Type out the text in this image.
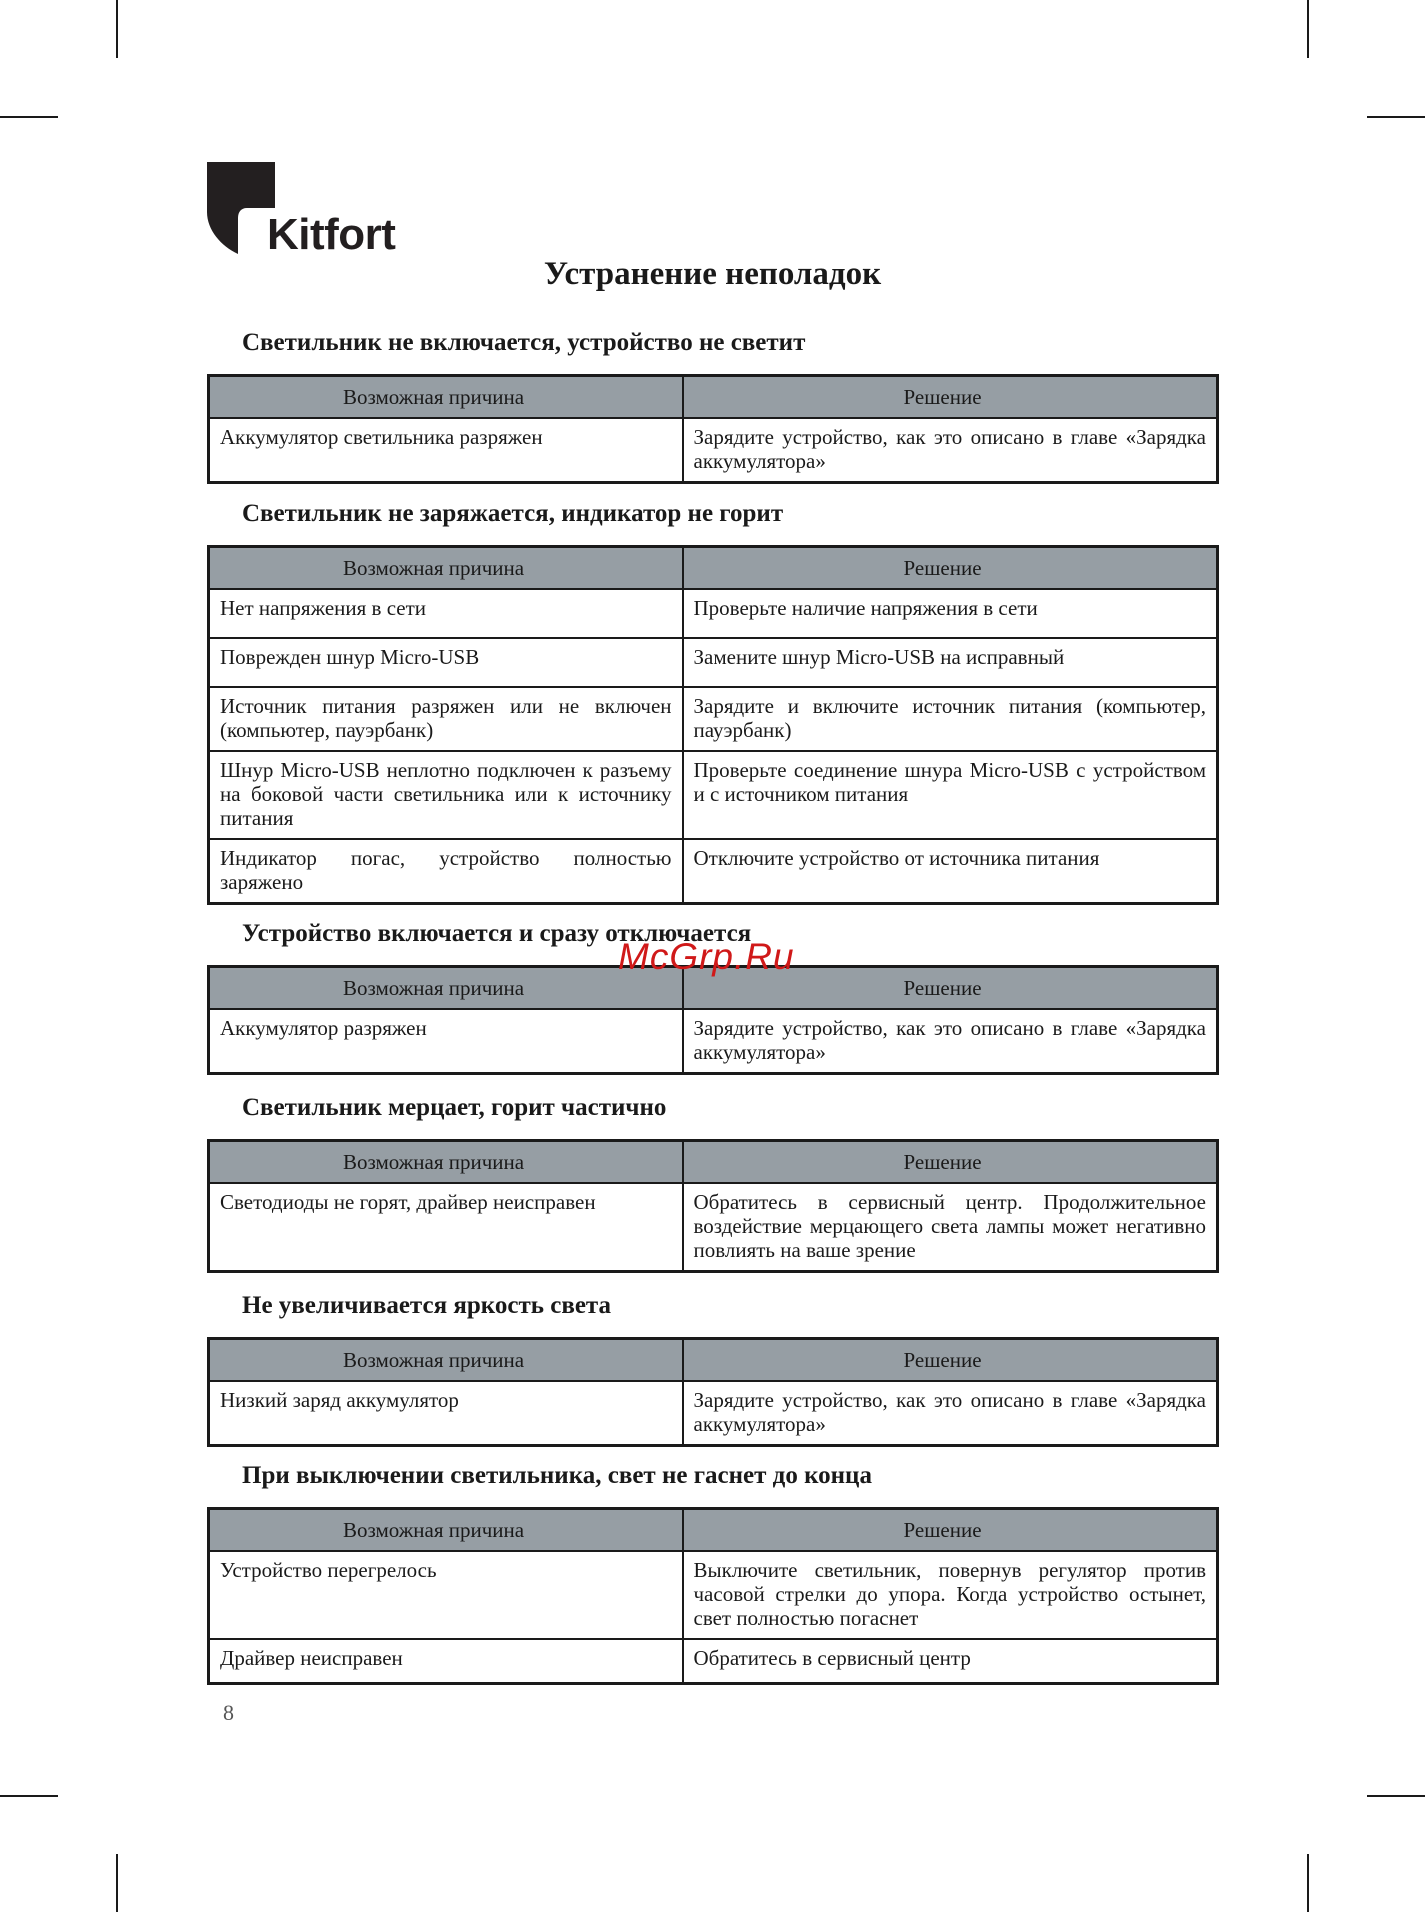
Kitfort
Устранение неполадок
Светильник не включается, устройство не светит
Возможная причина	Решение
Аккумулятор светильника разряжен	Зарядите устройство, как это описано в главе «Зарядка аккумулятора»
Светильник не заряжается, индикатор не горит
Возможная причина	Решение
Нет напряжения в сети	Проверьте наличие напряжения в сети
Поврежден шнур Micro-USB	Замените шнур Micro-USB на исправный
Источник питания разряжен или не включен (компьютер, пауэрбанк)	Зарядите и включите источник питания (компьютер, пауэрбанк)
Шнур Micro-USB неплотно подключен к разъему на боковой части светильника или к источнику питания	Проверьте соединение шнура Micro-USB с устройством и с источником питания
Индикатор погас, устройство полностью заряжено	Отключите устройство от источника питания
Устройство включается и сразу отключается
Возможная причина	Решение
Аккумулятор разряжен	Зарядите устройство, как это описано в главе «Зарядка аккумулятора»
Светильник мерцает, горит частично
Возможная причина	Решение
Светодиоды не горят, драйвер неисправен	Обратитесь в сервисный центр. Продолжительное воздействие мерцающего света лампы может негативно повлиять на ваше зрение
Не увеличивается яркость света
Возможная причина	Решение
Низкий заряд аккумулятор	Зарядите устройство, как это описано в главе «Зарядка аккумулятора»
При выключении светильника, свет не гаснет до конца
Возможная причина	Решение
Устройство перегрелось	Выключите светильник, повернув регулятор против часовой стрелки до упора. Когда устройство остынет, свет полностью погаснет
Драйвер неисправен	Обратитесь в сервисный центр
McGrp.Ru
8
